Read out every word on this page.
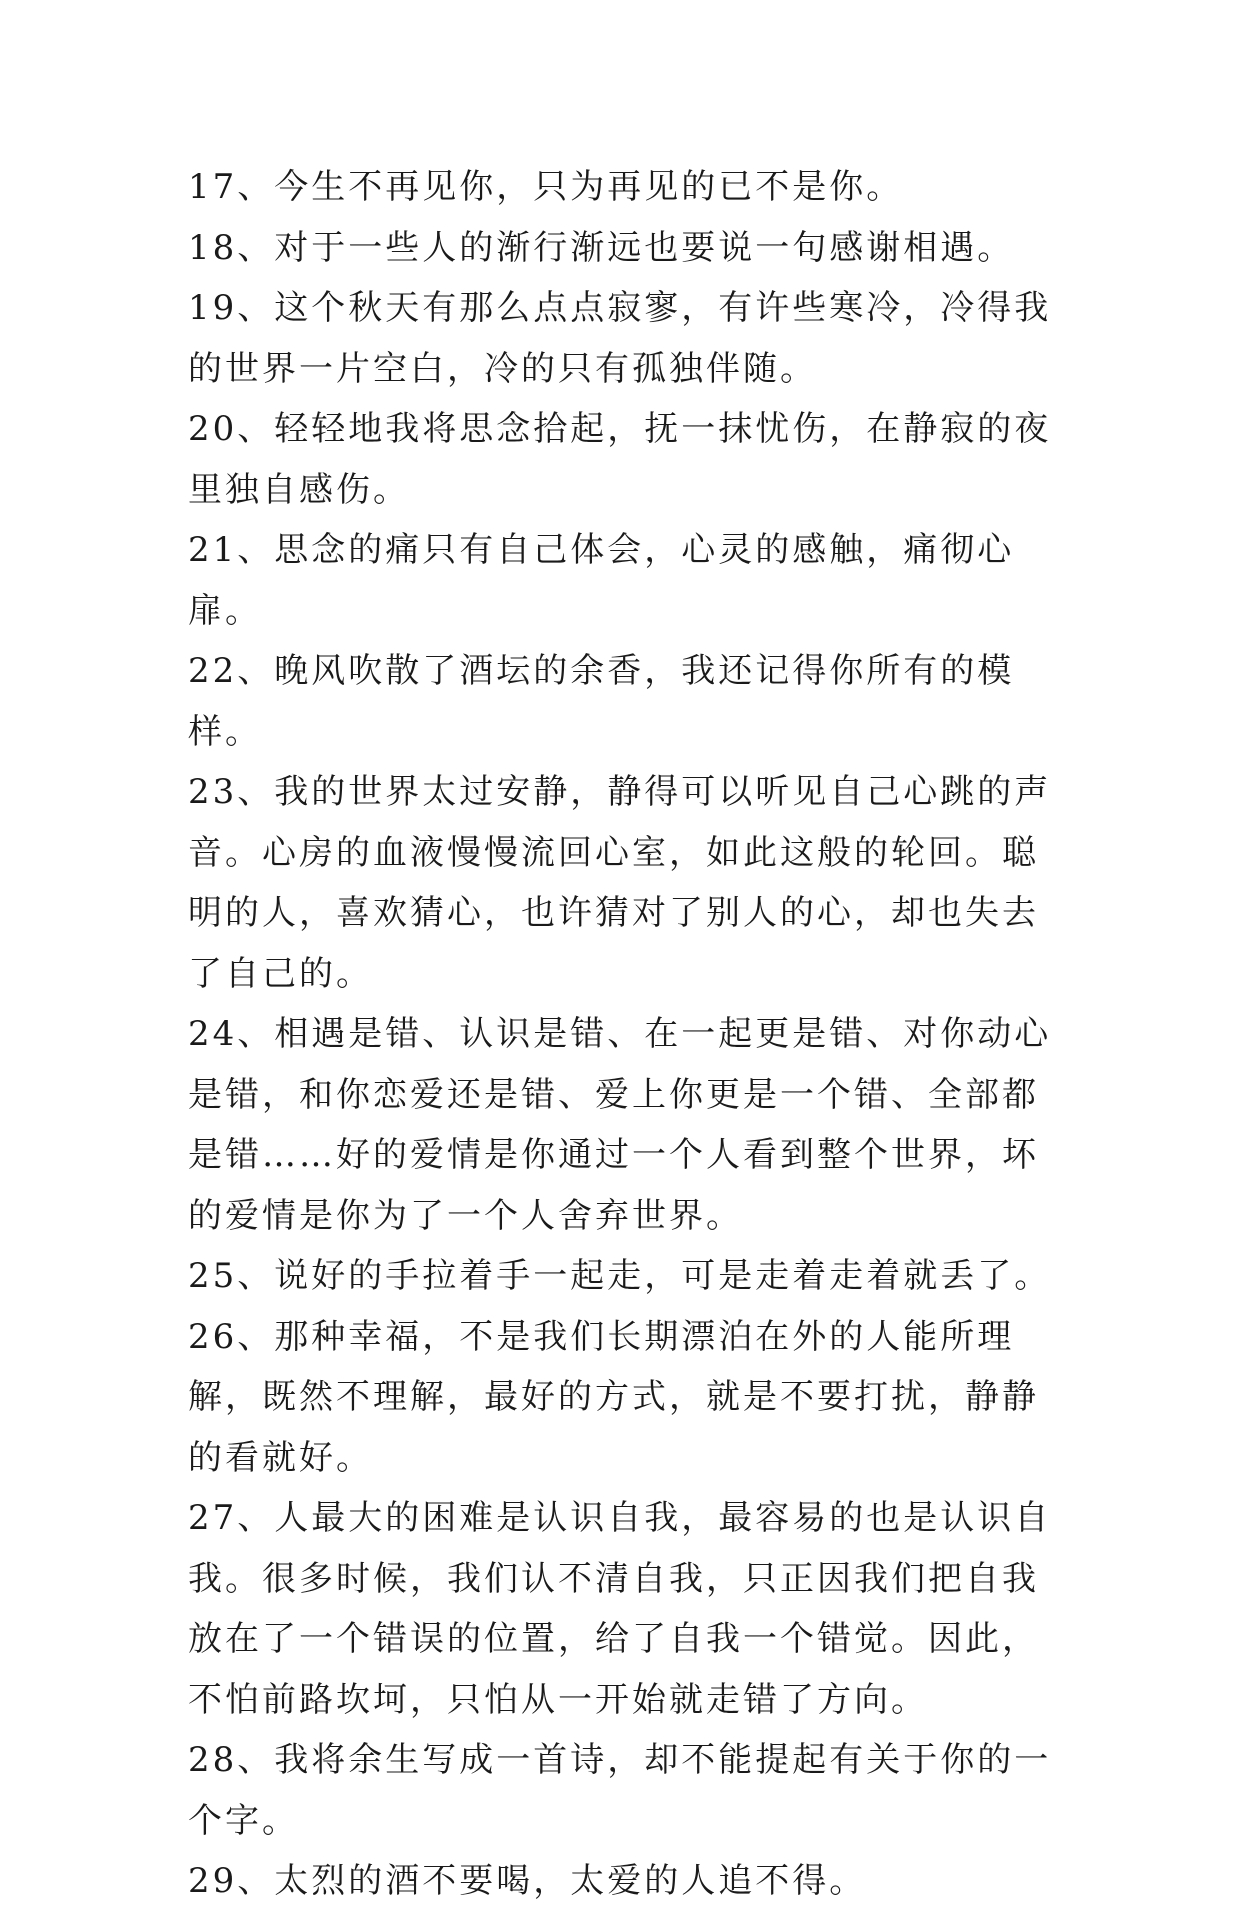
17、今生不再见你，只为再见的已不是你。
18、对于一些人的渐行渐远也要说一句感谢相遇。
19、这个秋天有那么点点寂寥，有许些寒冷，冷得我的世界一片空白，冷的只有孤独伴随。
20、轻轻地我将思念拾起，抚一抹忧伤，在静寂的夜里独自感伤。
21、思念的痛只有自己体会，心灵的感触，痛彻心扉。
22、晚风吹散了酒坛的余香，我还记得你所有的模样。
23、我的世界太过安静，静得可以听见自己心跳的声音。心房的血液慢慢流回心室，如此这般的轮回。聪明的人，喜欢猜心，也许猜对了别人的心，却也失去了自己的。
24、相遇是错、认识是错、在一起更是错、对你动心是错，和你恋爱还是错、爱上你更是一个错、全部都是错……好的爱情是你通过一个人看到整个世界，坏的爱情是你为了一个人舍弃世界。
25、说好的手拉着手一起走，可是走着走着就丢了。
26、那种幸福，不是我们长期漂泊在外的人能所理解，既然不理解，最好的方式，就是不要打扰，静静的看就好。
27、人最大的困难是认识自我，最容易的也是认识自我。很多时候，我们认不清自我，只正因我们把自我放在了一个错误的位置，给了自我一个错觉。因此，不怕前路坎坷，只怕从一开始就走错了方向。
28、我将余生写成一首诗，却不能提起有关于你的一个字。
29、太烈的酒不要喝，太爱的人追不得。
